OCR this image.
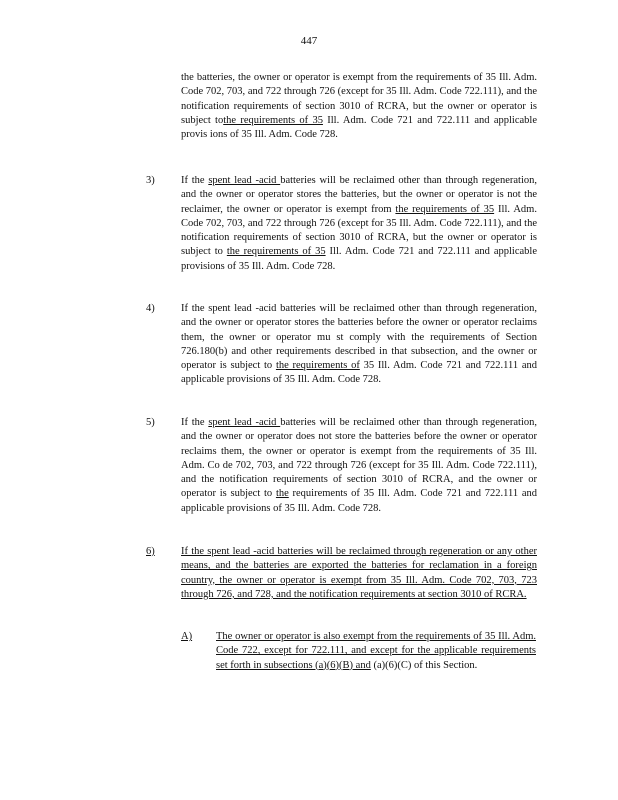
447
the batteries, the owner or operator is exempt from the requirements of 35 Ill. Adm. Code 702, 703, and 722 through 726 (except for 35 Ill. Adm. Code 722.111), and the notification requirements of section 3010 of RCRA, but the owner or operator is subject tothe requirements of 35 Ill. Adm. Code 721 and 722.111 and applicable provis ions of 35 Ill. Adm. Code 728.
3)	If the spent lead -acid batteries will be reclaimed other than through regeneration, and the owner or operator stores the batteries, but the owner or operator is not the reclaimer, the owner or operator is exempt from the requirements of 35 Ill. Adm. Code 702, 703, and 722 through 726 (except for 35 Ill. Adm. Code 722.111), and the notification requirements of section 3010 of RCRA, but the owner or operator is subject to the requirements of 35 Ill. Adm. Code 721 and 722.111 and applicable provisions of 35 Ill. Adm. Code 728.
4)	If the spent lead -acid batteries will be reclaimed other than through regeneration, and the owner or operator stores the batteries before the owner or operator reclaims them, the owner or operator mu st comply with the requirements of Section 726.180(b) and other requirements described in that subsection, and the owner or operator is subject to the requirements of 35 Ill. Adm. Code 721 and 722.111 and applicable provisions of 35 Ill. Adm. Code 728.
5)	If the spent lead -acid batteries will be reclaimed other than through regeneration, and the owner or operator does not store the batteries before the owner or operator reclaims them, the owner or operator is exempt from the requirements of 35 Ill. Adm. Co de 702, 703, and 722 through 726 (except for 35 Ill. Adm. Code 722.111), and the notification requirements of section 3010 of RCRA, and the owner or operator is subject to the requirements of 35 Ill. Adm. Code 721 and 722.111 and applicable provisions of 35 Ill. Adm. Code 728.
6)	If the spent lead -acid batteries will be reclaimed through regeneration or any other means, and the batteries are exported the batteries for reclamation in a foreign country, the owner or operator is exempt from 35 Ill. Adm. Code 702, 703, 723 through 726, and 728, and the notification requirements at section 3010 of RCRA.
A) The owner or operator is also exempt from the requirements of 35 Ill. Adm. Code 722, except for 722.111, and except for the applicable requirements set forth in subsections (a)(6)(B) and (a)(6)(C) of this Section.
